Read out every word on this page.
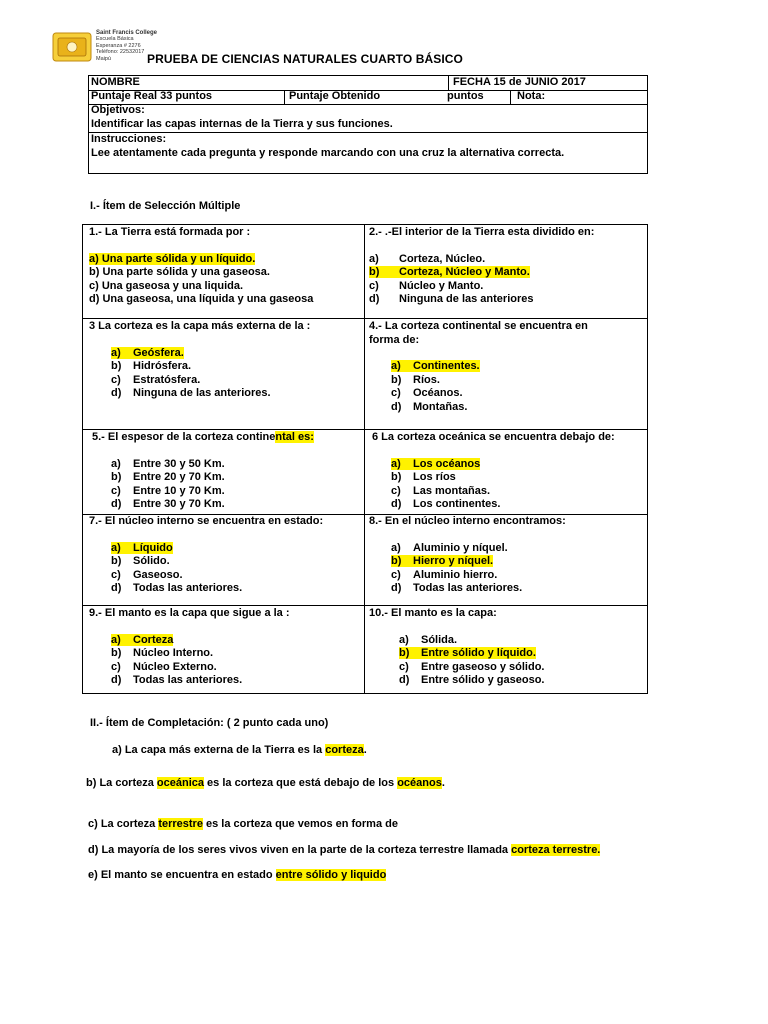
Saint Francis College
Escuela Básica
Esperanza # 2276
Teléfono: 22532017
Maipú	PRUEBA DE CIENCIAS NATURALES CUARTO BÁSICO
NOMBRE	FECHA 15 de JUNIO 2017
Puntaje Real 33 puntos	Puntaje Obtenido	puntos	Nota:
Objetivos:
Identificar las capas internas de la Tierra y sus funciones.
Instrucciones:
Lee atentamente cada pregunta y responde marcando con una cruz la alternativa correcta.
I.- Ítem de Selección Múltiple
1.- La Tierra está formada por :
a) Una parte sólida y un líquido.
b) Una parte sólida y una gaseosa.
c) Una gaseosa y una liquida.
d) Una gaseosa, una líquida y una gaseosa
2.- .-El interior de la Tierra esta dividido en:
a) Corteza, Núcleo.
b) Corteza, Núcleo y Manto.
c) Núcleo y Manto.
d) Ninguna de las anteriores
3 La corteza es la capa más externa de la :
a) Geósfera.
b) Hidrósfera.
c) Estratósfera.
d) Ninguna de las anteriores.
4.- La corteza continental se encuentra en
forma de:
a) Continentes.
b) Ríos.
c) Océanos.
d) Montañas.
5.- El espesor de la corteza continental es:
a) Entre 30 y 50 Km.
b) Entre 20 y 70 Km.
c) Entre 10 y 70 Km.
d) Entre 30 y 70 Km.
6 La corteza oceánica se encuentra debajo de:
a) Los océanos
b) Los ríos
c) Las montañas.
d) Los continentes.
7.- El núcleo interno se encuentra en estado:
a) Líquido
b) Sólido.
c) Gaseoso.
d) Todas las anteriores.
8.- En el núcleo interno encontramos:
a) Aluminio y níquel.
b) Hierro y níquel.
c) Aluminio hierro.
d) Todas las anteriores.
9.- El manto es la capa que sigue a la :
a) Corteza
b) Núcleo Interno.
c) Núcleo Externo.
d) Todas las anteriores.
10.- El manto es la capa:
a) Sólida.
b) Entre sólido y líquido.
c) Entre gaseoso y sólido.
d) Entre sólido y gaseoso.
II.- Ítem de Completación: ( 2 punto cada uno)
a) La capa más externa de la Tierra es la corteza.
b) La corteza oceánica es la corteza que está debajo de los océanos.
c) La corteza terrestre es la corteza que vemos en forma de
d) La mayoría de los seres vivos viven en la parte de la corteza terrestre llamada corteza terrestre.
e) El manto se encuentra en estado entre sólido y liquido
